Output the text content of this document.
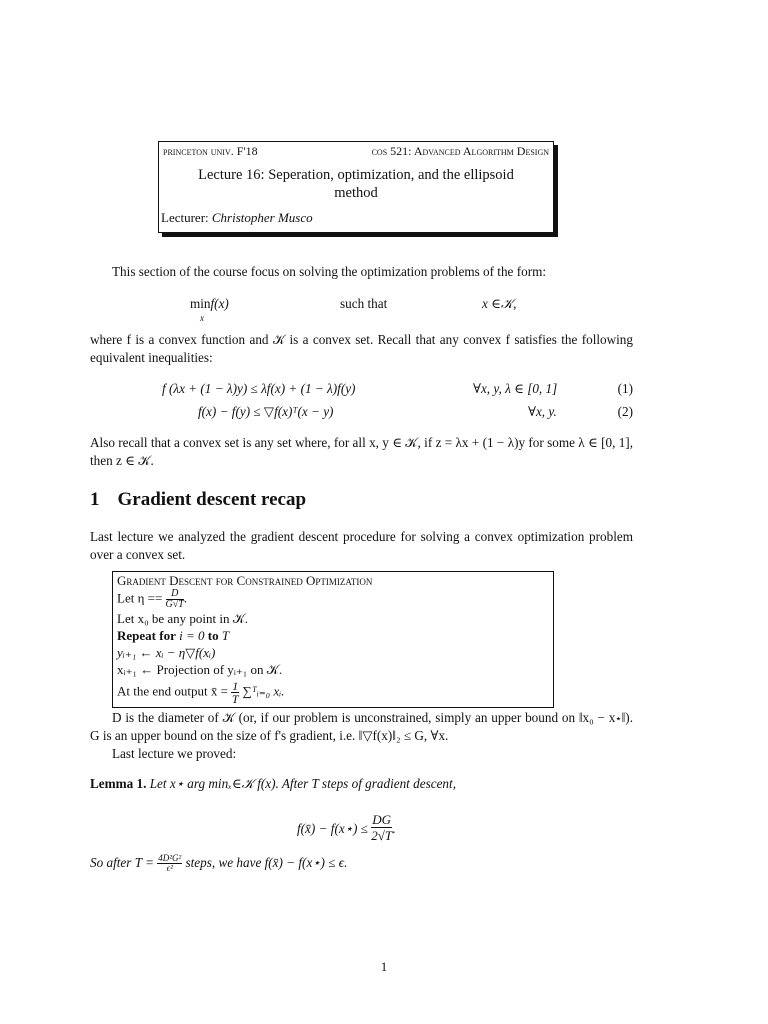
princeton univ. F'18	cos 521: Advanced Algorithm Design
Lecture 16: Seperation, optimization, and the ellipsoid
method
Lecturer: Christopher Musco
This section of the course focus on solving the optimization problems of the form:
minf(x)
x
such that	x ∈𝒦,
where f is a convex function and 𝒦 is a convex set. Recall that any convex f satisfies the following equivalent inequalities:
f (λx + (1 − λ)y) ≤ λf(x) + (1 − λ)f(y)	∀x, y, λ ∈ [0, 1]	(1)
f(x) − f(y) ≤ ▽f(x)ᵀ(x − y)	∀x, y.	(2)
Also recall that a convex set is any set where, for all x, y ∈ 𝒦, if z = λx + (1 − λ)y for some λ ∈ [0, 1], then z ∈ 𝒦.
1 Gradient descent recap
Last lecture we analyzed the gradient descent procedure for solving a convex optimization problem over a convex set.
Gradient Descent for Constrained Optimization
Let $\eta == \frac{D}{G√T}$ .
Let x₀ be any point in 𝒦.
Repeat for i = 0 to T
yᵢ₊₁ ← xᵢ − η▽f(xᵢ)
xᵢ₊₁ ← Projection of yᵢ₊₁ on 𝒦.
At the end output x̄ = $\frac{1}{T}$ ∑ᵀᵢ₌₀ xᵢ.
D is the diameter of 𝒦 (or, if our problem is unconstrained, simply an upper bound on ‖x₀ − x⋆‖). G is an upper bound on the size of f's gradient, i.e. ‖▽f(x)‖₂ ≤ G, ∀x.
Last lecture we proved:
Lemma 1. Let x⋆ arg minₓ∈𝒦 f(x). After T steps of gradient descent,
f(x̄) − f(x⋆) ≤ $\frac{DG}{2√T}$ .
So after $T = \frac{\text{4D²G²}}{\text{ϵ²}}$ steps, we have f(x̄) − f(x⋆) ≤ ϵ.
1
